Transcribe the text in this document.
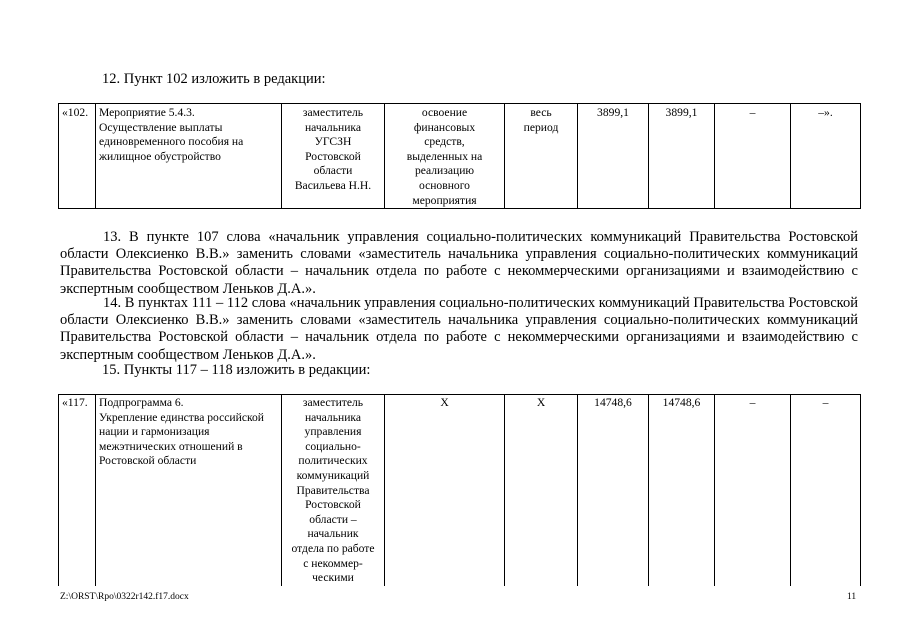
12. Пункт 102 изложить в редакции:
«102.	Мероприятие 5.4.3.
Осуществление выплаты единовременного пособия на жилищное обустройство	заместитель
начальника
УГСЗН
Ростовской
области
Васильева Н.Н.	освоение
финансовых
средств,
выделенных на
реализацию
основного
мероприятия	весь
период	3899,1	3899,1	–	–».
13. В пункте 107 слова «начальник управления социально-политических коммуникаций Правительства Ростовской области Олексиенко В.В.» заменить словами «заместитель начальника управления социально-политических коммуникаций Правительства Ростовской области – начальник отдела по работе с некоммерческими организациями и взаимодействию с экспертным сообществом Леньков Д.А.».
14. В пунктах 111 – 112 слова «начальник управления социально-политических коммуникаций Правительства Ростовской области Олексиенко В.В.» заменить словами «заместитель начальника управления социально-политических коммуникаций Правительства Ростовской области – начальник отдела по работе с некоммерческими организациями и взаимодействию с экспертным сообществом Леньков Д.А.».
15. Пункты 117 – 118 изложить в редакции:
«117.	Подпрограмма 6.
Укрепление единства российской нации и гармонизация межэтнических отношений в Ростовской области	заместитель
начальника
управления
социально-
политических
коммуникаций
Правительства
Ростовской
области –
начальник
отдела по работе
с некоммер-
ческими	X	X	14748,6	14748,6	–	–
Z:\ORST\Rpo\0322r142.f17.docx	11
